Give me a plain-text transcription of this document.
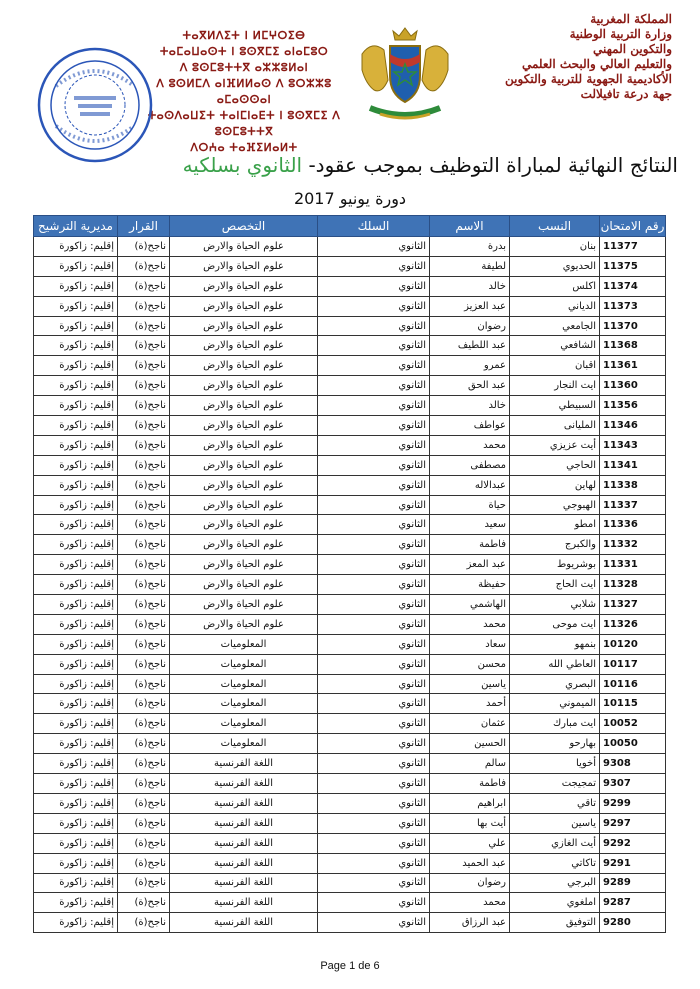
المملكة المغربية
وزارة التربية الوطنية
والتكوين المهني
والتعليم العالي والبحث العلمي
الأكاديمية الجهوية للتربية والتكوين
جهة درعة تافيلالت
ⵜⴰⴳⵍⴷⵉⵜ ⵏ ⵍⵎⵖⵔⵉⴱ
ⵜⴰⵎⴰⵡⴰⵙⵜ ⵏ ⵓⵙⴳⵎⵉ ⴰⵏⴰⵎⵓⵔ
ⴷ ⵓⵙⵎⵓⵜⵜⴳ ⴰⵣⵣⵓⵍⴰⵏ
ⴷ ⵓⵙⵍⵎⴷ ⴰⵏⴼⵍⵍⴰⵙ ⴷ ⵓⵔⵣⵣⵓ ⴰⵎⴰⵙⵙⴰⵏ
ⵜⴰⵙⴷⴰⵡⵉⵜ ⵜⴰⵏⵎⵏⴰⴹⵜ ⵏ ⵓⵙⴳⵎⵉ ⴷ ⵓⵙⵎⵓⵜⵜⴳ
ⴷⵔⵄⴰ ⵜⴰⴼⵉⵍⴰⵍⵜ
النتائج النهائية لمباراة التوظيف بموجب عقود- الثانوي بسلكيه
دورة يونيو 2017
رقم الامتحان	النسب	الاسم	السلك	التخصص	القرار	مديرية الترشيح
11377	بنان	بدرة	الثانوي	علوم الحياة والارض	ناجح(ة)	إقليم: زاكورة
11375	الحديوي	لطيفة	الثانوي	علوم الحياة والارض	ناجح(ة)	إقليم: زاكورة
11374	اكلس	خالد	الثانوي	علوم الحياة والارض	ناجح(ة)	إقليم: زاكورة
11373	الدياني	عبد العزيز	الثانوي	علوم الحياة والارض	ناجح(ة)	إقليم: زاكورة
11370	الجامعي	رضوان	الثانوي	علوم الحياة والارض	ناجح(ة)	إقليم: زاكورة
11368	الشافعي	عبد اللطيف	الثانوي	علوم الحياة والارض	ناجح(ة)	إقليم: زاكورة
11361	اقبان	عمرو	الثانوي	علوم الحياة والارض	ناجح(ة)	إقليم: زاكورة
11360	ايت النجار	عبد الحق	الثانوي	علوم الحياة والارض	ناجح(ة)	إقليم: زاكورة
11356	السبيطي	خالد	الثانوي	علوم الحياة والارض	ناجح(ة)	إقليم: زاكورة
11346	المليانى	عواطف	الثانوي	علوم الحياة والارض	ناجح(ة)	إقليم: زاكورة
11343	أيت عزيزي	محمد	الثانوي	علوم الحياة والارض	ناجح(ة)	إقليم: زاكورة
11341	الحاجي	مصطفى	الثانوي	علوم الحياة والارض	ناجح(ة)	إقليم: زاكورة
11338	لهاين	عبدالاله	الثانوي	علوم الحياة والارض	ناجح(ة)	إقليم: زاكورة
11337	الهبوجي	حياة	الثانوي	علوم الحياة والارض	ناجح(ة)	إقليم: زاكورة
11336	امطو	سعيد	الثانوي	علوم الحياة والارض	ناجح(ة)	إقليم: زاكورة
11332	والكبرج	فاطمة	الثانوي	علوم الحياة والارض	ناجح(ة)	إقليم: زاكورة
11331	بوشريوط	عبد المعز	الثانوي	علوم الحياة والارض	ناجح(ة)	إقليم: زاكورة
11328	ايت الحاج	حفيظة	الثانوي	علوم الحياة والارض	ناجح(ة)	إقليم: زاكورة
11327	شلابي	الهاشمي	الثانوي	علوم الحياة والارض	ناجح(ة)	إقليم: زاكورة
11326	ايت موحى	محمد	الثانوي	علوم الحياة والارض	ناجح(ة)	إقليم: زاكورة
10120	بنمهو	سعاد	الثانوي	المعلوميات	ناجح(ة)	إقليم: زاكورة
10117	العاطي الله	محسن	الثانوي	المعلوميات	ناجح(ة)	إقليم: زاكورة
10116	البصري	ياسين	الثانوي	المعلوميات	ناجح(ة)	إقليم: زاكورة
10115	الميموني	أحمد	الثانوي	المعلوميات	ناجح(ة)	إقليم: زاكورة
10052	ايت مبارك	عثمان	الثانوي	المعلوميات	ناجح(ة)	إقليم: زاكورة
10050	بهارحو	الحسين	الثانوي	المعلوميات	ناجح(ة)	إقليم: زاكورة
9308	أخويا	سالم	الثانوي	اللغة الفرنسية	ناجح(ة)	إقليم: زاكورة
9307	تمجيجت	فاطمة	الثانوي	اللغة الفرنسية	ناجح(ة)	إقليم: زاكورة
9299	تاقي	ابراهيم	الثانوي	اللغة الفرنسية	ناجح(ة)	إقليم: زاكورة
9297	ياسين	أيت بها	الثانوي	اللغة الفرنسية	ناجح(ة)	إقليم: زاكورة
9292	أيت الغازي	علي	الثانوي	اللغة الفرنسية	ناجح(ة)	إقليم: زاكورة
9291	تاكاتي	عبد الحميد	الثانوي	اللغة الفرنسية	ناجح(ة)	إقليم: زاكورة
9289	البرجي	رضوان	الثانوي	اللغة الفرنسية	ناجح(ة)	إقليم: زاكورة
9287	املغوي	محمد	الثانوي	اللغة الفرنسية	ناجح(ة)	إقليم: زاكورة
9280	التوفيق	عبد الرزاق	الثانوي	اللغة الفرنسية	ناجح(ة)	إقليم: زاكورة
Page 1 de 6
